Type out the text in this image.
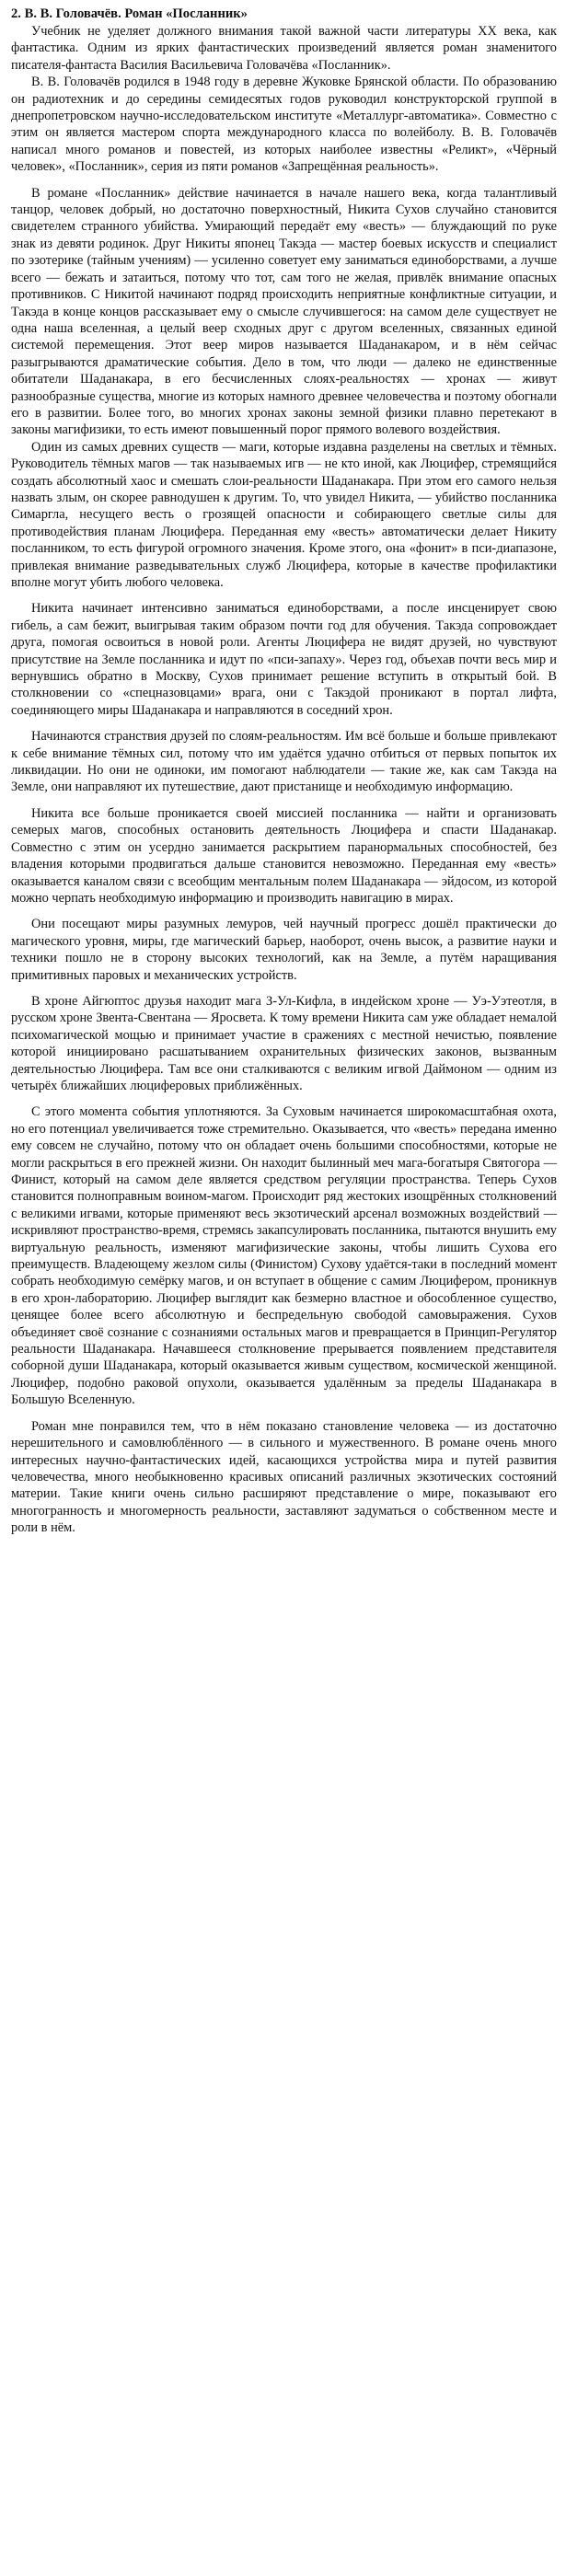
2. В. В. Головачёв. Роман «Посланник»

Учебник не уделяет должного внимания такой важной части литературы XX века, как фантастика. Одним из ярких фантастических произведений является роман знаменитого писателя-фантаста Василия Васильевича Головачёва «Посланник».

В. В. Головачёв родился в 1948 году в деревне Жуковке Брянской области. По образованию он радиотехник и до середины семидесятых годов руководил конструкторской группой в днепропетровском научно-исследовательском институте «Металлург-автоматика». Совместно с этим он является мастером спорта международного класса по волейболу. В. В. Головачёв написал много романов и повестей, из которых наиболее известны «Реликт», «Чёрный человек», «Посланник», серия из пяти романов «Запрещённая реальность».

В романе «Посланник» действие начинается в начале нашего века, когда талантливый танцор, человек добрый, но достаточно поверхностный, Никита Сухов случайно становится свидетелем странного убийства. Умирающий передаёт ему «весть» — блуждающий по руке знак из девяти родинок. Друг Никиты японец Такэда — мастер боевых искусств и специалист по эзотерике (тайным учениям) — усиленно советует ему заниматься единоборствами, а лучше всего — бежать и затаиться, потому что тот, сам того не желая, привлёк внимание опасных противников. С Никитой начинают подряд происходить неприятные конфликтные ситуации, и Такэда в конце концов рассказывает ему о смысле случившегося: на самом деле существует не одна наша вселенная, а целый веер сходных друг с другом вселенных, связанных единой системой перемещения. Этот веер миров называется Шаданакаром, и в нём сейчас разыгрываются драматические события. Дело в том, что люди — далеко не единственные обитатели Шаданакара, в его бесчисленных слоях-реальностях — хронах — живут разнообразные существа, многие из которых намного древнее человечества и поэтому обогнали его в развитии. Более того, во многих хронах законы земной физики плавно перетекают в законы магифизики, то есть имеют повышенный порог прямого волевого воздействия.

Один из самых древних существ — маги, которые издавна разделены на светлых и тёмных. Руководитель тёмных магов — так называемых игв — не кто иной, как Люцифер, стремящийся создать абсолютный хаос и смешать слои-реальности Шаданакара. При этом его самого нельзя назвать злым, он скорее равнодушен к другим. То, что увидел Никита, — убийство посланника Симаргла, несущего весть о грозящей опасности и собирающего светлые силы для противодействия планам Люцифера. Переданная ему «весть» автоматически делает Никиту посланником, то есть фигурой огромного значения. Кроме этого, она «фонит» в пси-диапазоне, привлекая внимание разведывательных служб Люцифера, которые в качестве профилактики вполне могут убить любого человека.

Никита начинает интенсивно заниматься единоборствами, а после инсценирует свою гибель, а сам бежит, выигрывая таким образом почти год для обучения. Такэда сопровождает друга, помогая освоиться в новой роли. Агенты Люцифера не видят друзей, но чувствуют присутствие на Земле посланника и идут по «пси-запаху». Через год, объехав почти весь мир и вернувшись обратно в Москву, Сухов принимает решение вступить в открытый бой. В столкновении со «спецназовцами» врага, они с Такэдой проникают в портал лифта, соединяющего миры Шаданакара и направляются в соседний хрон.

Начинаются странствия друзей по слоям-реальностям. Им всё больше и больше привлекают к себе внимание тёмных сил, потому что им удаётся удачно отбиться от первых попыток их ликвидации. Но они не одиноки, им помогают наблюдатели — такие же, как сам Такэда на Земле, они направляют их путешествие, дают пристанище и необходимую информацию.

Никита все больше проникается своей миссией посланника — найти и организовать семерых магов, способных остановить деятельность Люцифера и спасти Шаданакар. Совместно с этим он усердно занимается раскрытием паранормальных способностей, без владения которыми продвигаться дальше становится невозможно. Переданная ему «весть» оказывается каналом связи с всеобщим ментальным полем Шаданакара — эйдосом, из которой можно черпать необходимую информацию и производить навигацию в мирах.

Они посещают миры разумных лемуров, чей научный прогресс дошёл практически до магического уровня, миры, где магический барьер, наоборот, очень высок, а развитие науки и техники пошло не в сторону высоких технологий, как на Земле, а путём наращивания примитивных паровых и механических устройств.

В хроне Айгюптос друзья находит мага З-Ул-Кифла, в индейском хроне — Уэ-Уэтеотля, в русском хроне Звента-Свентана — Яросвета. К тому времени Никита сам уже обладает немалой психомагической мощью и принимает участие в сражениях с местной нечистью, появление которой инициировано расшатыванием охранительных физических законов, вызванным деятельностью Люцифера. Там все они сталкиваются с великим игвой Даймоном — одним из четырёх ближайших люциферовых приближённых.

С этого момента события уплотняются. За Суховым начинается широкомасштабная охота, но его потенциал увеличивается тоже стремительно. Оказывается, что «весть» передана именно ему совсем не случайно, потому что он обладает очень большими способностями, которые не могли раскрыться в его прежней жизни. Он находит былинный меч мага-богатыря Святогора — Финист, который на самом деле является средством регуляции пространства. Теперь Сухов становится полноправным воином-магом. Происходит ряд жестоких изощрённых столкновений с великими игвами, которые применяют весь экзотический арсенал возможных воздействий — искривляют пространство-время, стремясь закапсулировать посланника, пытаются внушить ему виртуальную реальность, изменяют магифизические законы, чтобы лишить Сухова его преимуществ. Владеющему жезлом силы (Финистом) Сухову удаётся-таки в последний момент собрать необходимую семёрку магов, и он вступает в общение с самим Люцифером, проникнув в его хрон-лабораторию. Люцифер выглядит как безмерно властное и обособленное существо, ценящее более всего абсолютную и беспредельную свободой самовыражения. Сухов объединяет своё сознание с сознаниями остальных магов и превращается в Принцип-Регулятор реальности Шаданакара. Начавшееся столкновение прерывается появлением представителя соборной души Шаданакара, который оказывается живым существом, космической женщиной. Люцифер, подобно раковой опухоли, оказывается удалённым за пределы Шаданакара в Большую Вселенную.

Роман мне понравился тем, что в нём показано становление человека — из достаточно нерешительного и самовлюблённого — в сильного и мужественного. В романе очень много интересных научно-фантастических идей, касающихся устройства мира и путей развития человечества, много необыкновенно красивых описаний различных экзотических состояний материи. Такие книги очень сильно расширяют представление о мире, показывают его многогранность и многомерность реальности, заставляют задуматься о собственном месте и роли в нём.
